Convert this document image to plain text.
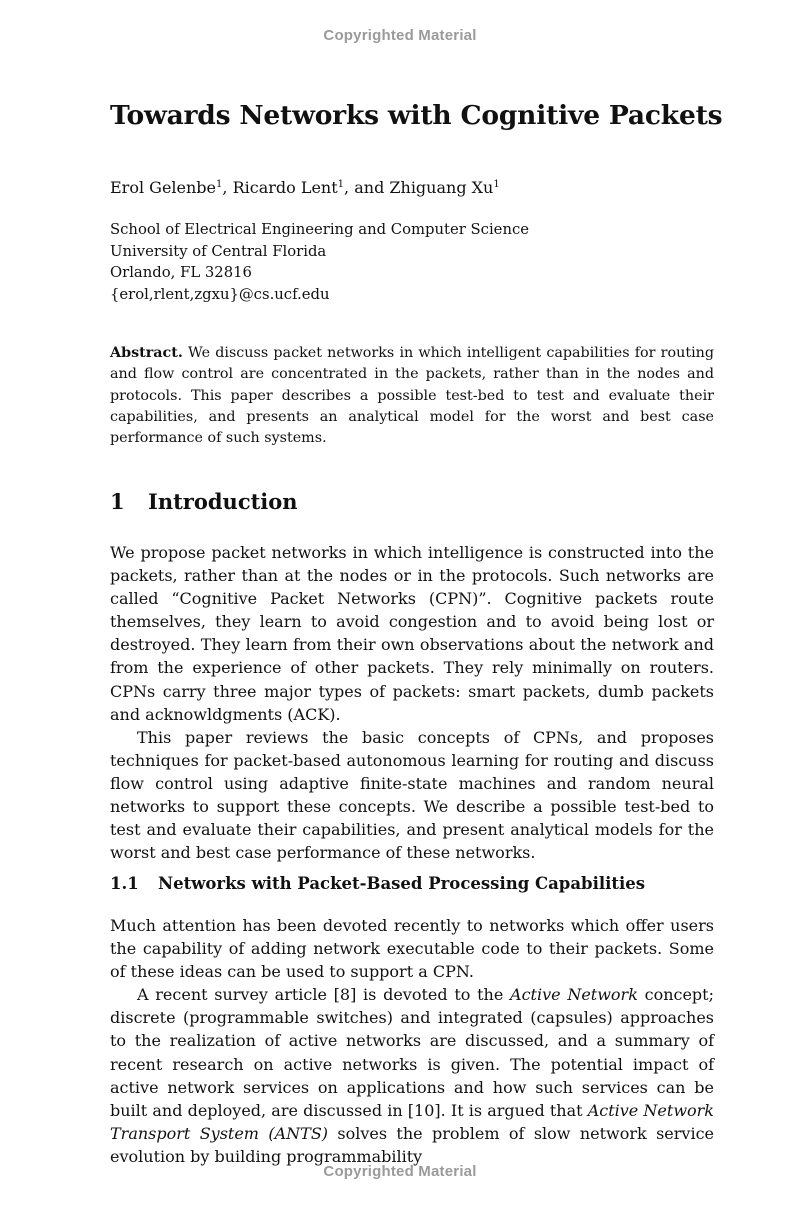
Copyrighted Material
Towards Networks with Cognitive Packets
Erol Gelenbe$^1$, Ricardo Lent$^1$, and Zhiguang Xu$^1$
School of Electrical Engineering and Computer Science
University of Central Florida
Orlando, FL 32816
{erol,rlent,zgxu}@cs.ucf.edu
Abstract. We discuss packet networks in which intelligent capabilities for routing and flow control are concentrated in the packets, rather than in the nodes and protocols. This paper describes a possible test-bed to test and evaluate their capabilities, and presents an analytical model for the worst and best case performance of such systems.
1 Introduction

We propose packet networks in which intelligence is constructed into the packets, rather than at the nodes or in the protocols. Such networks are called “Cognitive Packet Networks (CPN)”. Cognitive packets route themselves, they learn to avoid congestion and to avoid being lost or destroyed. They learn from their own observations about the network and from the experience of other packets. They rely minimally on routers. CPNs carry three major types of packets: smart packets, dumb packets and acknowldgments (ACK).

This paper reviews the basic concepts of CPNs, and proposes techniques for packet-based autonomous learning for routing and discuss flow control using adaptive finite-state machines and random neural networks to support these concepts. We describe a possible test-bed to test and evaluate their capabilities, and present analytical models for the worst and best case performance of these networks.

1.1 Networks with Packet-Based Processing Capabilities

Much attention has been devoted recently to networks which offer users the capability of adding network executable code to their packets. Some of these ideas can be used to support a CPN.

A recent survey article [8] is devoted to the Active Network concept; discrete (programmable switches) and integrated (capsules) approaches to the realization of active networks are discussed, and a summary of recent research on active networks is given. The potential impact of active network services on applications and how such services can be built and deployed, are discussed in [10]. It is argued that Active Network Transport System (ANTS) solves the problem of slow network service evolution by building programmability

Copyrighted Material
